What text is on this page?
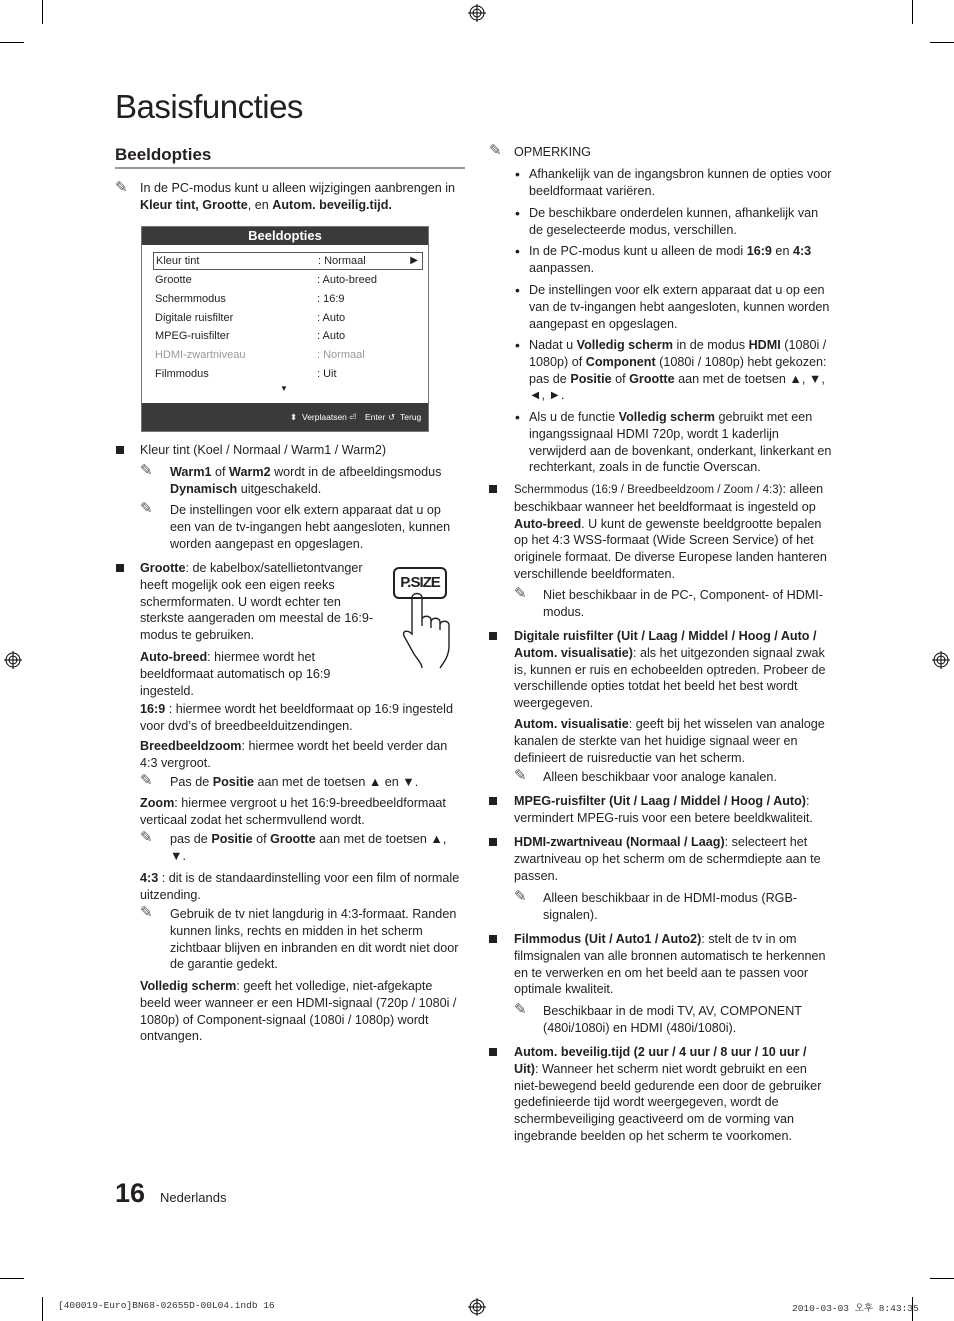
Basisfuncties
Beeldopties
✎ In de PC-modus kunt u alleen wijzigingen aanbrengen in Kleur tint, Grootte, en Autom. beveilig.tijd.
Beeldopties
Kleur tint	: Normaal	▶
Grootte	: Auto-breed
Schermmodus	: 16:9
Digitale ruisfilter	: Auto
MPEG-ruisfilter	: Auto
HDMI-zwartniveau	: Normaal
Filmmodus	: Uit
▼
⬍ Verplaatsen ⏎ Enter ↺ Terug
Kleur tint (Koel / Normaal / Warm1 / Warm2)
✎ Warm1 of Warm2 wordt in de afbeeldingsmodus Dynamisch uitgeschakeld.
✎ De instellingen voor elk extern apparaat dat u op een van de tv-ingangen hebt aangesloten, kunnen worden aangepast en opgeslagen.
Grootte: de kabelbox/satellietontvanger heeft mogelijk ook een eigen reeks schermformaten. U wordt echter ten sterkste aangeraden om meestal de 16:9-modus te gebruiken.
P.SIZE
Auto-breed: hiermee wordt het beeldformaat automatisch op 16:9 ingesteld.
16:9 : hiermee wordt het beeldformaat op 16:9 ingesteld voor dvd’s of breedbeelduitzendingen.
Breedbeeldzoom: hiermee wordt het beeld verder dan 4:3 vergroot.
✎ Pas de Positie aan met de toetsen ▲ en ▼.
Zoom: hiermee vergroot u het 16:9-breedbeeldformaat verticaal zodat het schermvullend wordt.
✎ pas de Positie of Grootte aan met de toetsen ▲, ▼.
4:3 : dit is de standaardinstelling voor een film of normale uitzending.
✎ Gebruik de tv niet langdurig in 4:3-formaat. Randen kunnen links, rechts en midden in het scherm zichtbaar blijven en inbranden en dit wordt niet door de garantie gedekt.
Volledig scherm: geeft het volledige, niet-afgekapte beeld weer wanneer er een HDMI-signaal (720p / 1080i / 1080p) of Component-signaal (1080i / 1080p) wordt ontvangen.
✎ OPMERKING
• Afhankelijk van de ingangsbron kunnen de opties voor beeldformaat variëren.
• De beschikbare onderdelen kunnen, afhankelijk van de geselecteerde modus, verschillen.
• In de PC-modus kunt u alleen de modi 16:9 en 4:3 aanpassen.
• De instellingen voor elk extern apparaat dat u op een van de tv-ingangen hebt aangesloten, kunnen worden aangepast en opgeslagen.
• Nadat u Volledig scherm in de modus HDMI (1080i / 1080p) of Component (1080i / 1080p) hebt gekozen: pas de Positie of Grootte aan met de toetsen ▲, ▼, ◄, ►.
• Als u de functie Volledig scherm gebruikt met een ingangssignaal HDMI 720p, wordt 1 kaderlijn verwijderd aan de bovenkant, onderkant, linkerkant en rechterkant, zoals in de functie Overscan.
Schermmodus (16:9 / Breedbeeldzoom / Zoom / 4:3): alleen beschikbaar wanneer het beeldformaat is ingesteld op Auto-breed. U kunt de gewenste beeldgrootte bepalen op het 4:3 WSS-formaat (Wide Screen Service) of het originele formaat. De diverse Europese landen hanteren verschillende beeldformaten.
✎ Niet beschikbaar in de PC-, Component- of HDMI-modus.
Digitale ruisfilter (Uit / Laag / Middel / Hoog / Auto / Autom. visualisatie): als het uitgezonden signaal zwak is, kunnen er ruis en echobeelden optreden. Probeer de verschillende opties totdat het beeld het best wordt weergegeven.
Autom. visualisatie: geeft bij het wisselen van analoge kanalen de sterkte van het huidige signaal weer en definieert de ruisreductie van het scherm.
✎ Alleen beschikbaar voor analoge kanalen.
MPEG-ruisfilter (Uit / Laag / Middel / Hoog / Auto): vermindert MPEG-ruis voor een betere beeldkwaliteit.
HDMI-zwartniveau (Normaal / Laag): selecteert het zwartniveau op het scherm om de schermdiepte aan te passen.
✎ Alleen beschikbaar in de HDMI-modus (RGB-signalen).
Filmmodus (Uit / Auto1 / Auto2): stelt de tv in om filmsignalen van alle bronnen automatisch te herkennen en te verwerken en om het beeld aan te passen voor optimale kwaliteit.
✎ Beschikbaar in de modi TV, AV, COMPONENT (480i/1080i) en HDMI (480i/1080i).
Autom. beveilig.tijd (2 uur / 4 uur / 8 uur / 10 uur / Uit): Wanneer het scherm niet wordt gebruikt en een niet-bewegend beeld gedurende een door de gebruiker gedefinieerde tijd wordt weergegeven, wordt de schermbeveiliging geactiveerd om de vorming van ingebrande beelden op het scherm te voorkomen.
16 Nederlands
[400019-Euro]BN68-02655D-00L04.indb 16	2010-03-03 오후 8:43:35
